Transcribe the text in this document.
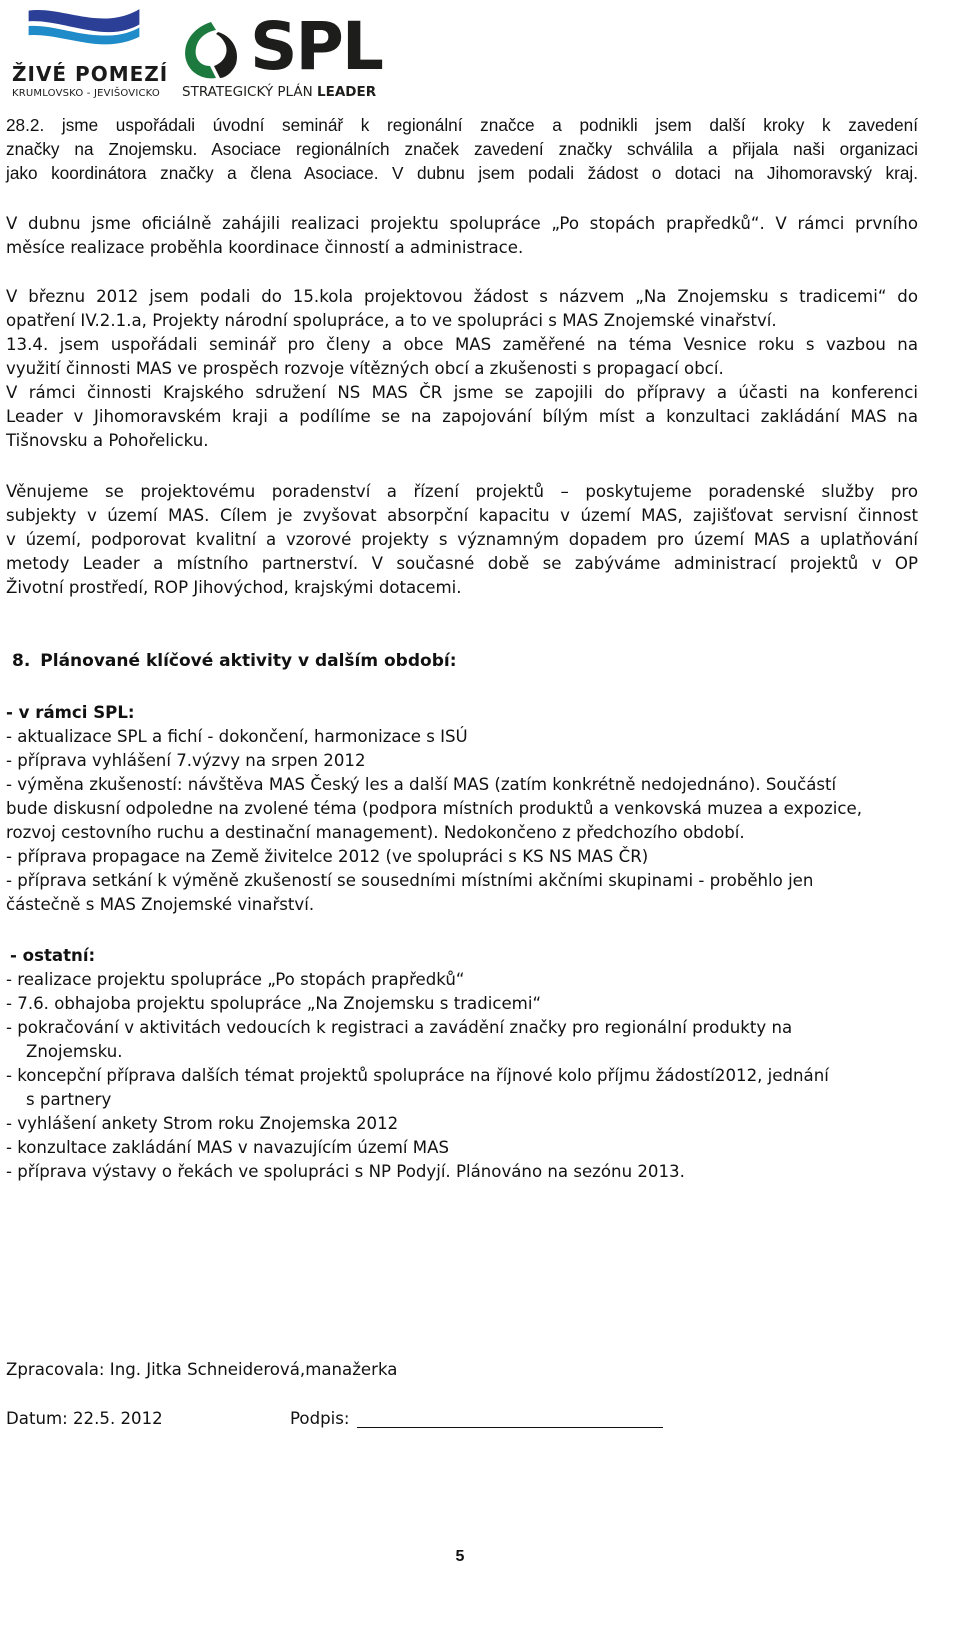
ŽIVÉ POMEZÍ
KRUMLOVSKO - JEVIŠOVICKO
SPL
STRATEGICKÝ PLÁN LEADER
28.2. jsme uspořádali úvodní seminář k regionální značce a podnikli jsem další kroky k zavedení
značky na Znojemsku. Asociace regionálních značek zavedení značky schválila a přijala naši organizaci
jako koordinátora značky a člena Asociace. V dubnu jsem podali žádost o dotaci na Jihomoravský kraj.
V dubnu jsme oficiálně zahájili realizaci projektu spolupráce „Po stopách prapředků“. V rámci prvního
měsíce realizace proběhla koordinace činností a administrace.
V březnu 2012 jsem podali do 15.kola projektovou žádost s názvem „Na Znojemsku s tradicemi“ do
opatření IV.2.1.a, Projekty národní spolupráce, a to ve spolupráci s MAS Znojemské vinařství.
13.4. jsem uspořádali seminář pro členy a obce MAS zaměřené na téma Vesnice roku s vazbou na
využití činnosti MAS ve prospěch rozvoje vítězných obcí a zkušenosti s propagací obcí.
V rámci činnosti Krajského sdružení NS MAS ČR jsme se zapojili do přípravy a účasti na konferenci
Leader v Jihomoravském kraji a podílíme se na zapojování bílým míst a konzultaci zakládání MAS na
Tišnovsku a Pohořelicku.
Věnujeme se projektovému poradenství a řízení projektů – poskytujeme poradenské služby pro
subjekty v území MAS. Cílem je zvyšovat absorpční kapacitu v území MAS, zajišťovat servisní činnost
v území, podporovat kvalitní a vzorové projekty s významným dopadem pro území MAS a uplatňování
metody Leader a místního partnerství. V současné době se zabýváme administrací projektů v OP
Životní prostředí, ROP Jihovýchod, krajskými dotacemi.
8. Plánované klíčové aktivity v dalším období:
- v rámci SPL:
- aktualizace SPL a fichí - dokončení, harmonizace s ISÚ
- příprava vyhlášení 7.výzvy na srpen 2012
- výměna zkušeností: návštěva MAS Český les a další MAS (zatím konkrétně nedojednáno). Součástí
bude diskusní odpoledne na zvolené téma (podpora místních produktů a venkovská muzea a expozice,
rozvoj cestovního ruchu a destinační management). Nedokončeno z předchozího období.
- příprava propagace na Země živitelce 2012 (ve spolupráci s KS NS MAS ČR)
- příprava setkání k výměně zkušeností se sousedními místními akčními skupinami - proběhlo jen
částečně s MAS Znojemské vinařství.
- ostatní:
- realizace projektu spolupráce „Po stopách prapředků“
- 7.6. obhajoba projektu spolupráce „Na Znojemsku s tradicemi“
- pokračování v aktivitách vedoucích k registraci a zavádění značky pro regionální produkty na
Znojemsku.
- koncepční příprava dalších témat projektů spolupráce na říjnové kolo příjmu žádostí2012, jednání
s partnery
- vyhlášení ankety Strom roku Znojemska 2012
- konzultace zakládání MAS v navazujícím území MAS
- příprava výstavy o řekách ve spolupráci s NP Podyjí. Plánováno na sezónu 2013.
Zpracovala: Ing. Jitka Schneiderová,manažerka
Datum: 22.5. 2012	Podpis:
5
